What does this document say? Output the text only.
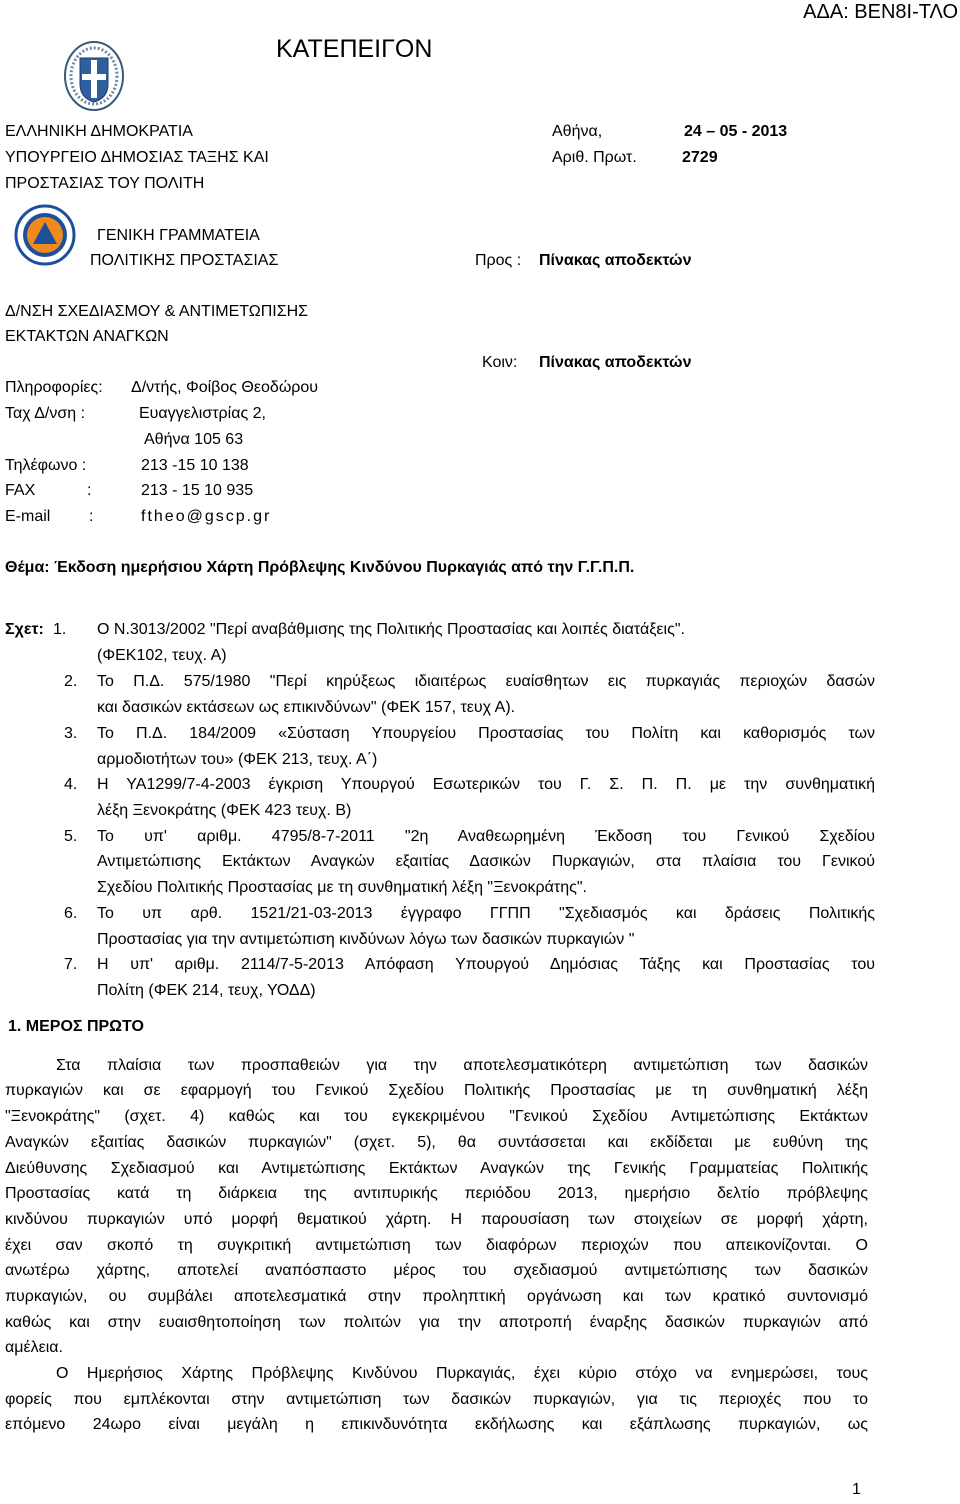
ΑΔΑ: ΒΕΝ8Ι-ΤΛΟ
ΚΑΤΕΠΕΙΓΟΝ
ΕΛΛΗΝΙΚΗ ΔΗΜΟΚΡΑΤΙΑ
ΥΠΟΥΡΓΕΙΟ ΔΗΜΟΣΙΑΣ ΤΑΞΗΣ ΚΑΙ
ΠΡΟΣΤΑΣΙΑΣ ΤΟΥ ΠΟΛΙΤΗ
ΓΕΝΙΚΗ ΓΡΑΜΜΑΤΕΙΑ
ΠΟΛΙΤΙΚΗΣ ΠΡΟΣΤΑΣΙΑΣ
Δ/ΝΣΗ ΣΧΕΔΙΑΣΜΟΥ & ΑΝΤΙΜΕΤΩΠΙΣΗΣ
ΕΚΤΑΚΤΩΝ ΑΝΑΓΚΩΝ
Αθήνα,	24 – 05 - 2013
Αριθ. Πρωτ.	2729
Προς : Πίνακας αποδεκτών
Κοιν: Πίνακας αποδεκτών
Πληροφορίες: Δ/ντής, Φοίβος Θεοδώρου
Ταχ Δ/νση :	Ευαγγελιστρίας 2,
Αθήνα 105 63
Τηλέφωνο :	213 -15 10 138
FAX	:	213 - 15 10 935
E-mail :	ftheo@gscp.gr
Θέμα: Έκδοση ημερήσιου Χάρτη Πρόβλεψης Κινδύνου Πυρκαγιάς από την Γ.Γ.Π.Π.
Σχετ: 1. Ο Ν.3013/2002 "Περί αναβάθμισης της Πολιτικής Προστασίας και λοιπές διατάξεις".
(ΦΕΚ102, τευχ. Α)
2. Το Π.Δ. 575/1980 "Περί κηρύξεως ιδιαιτέρως ευαίσθητων εις πυρκαγιάς περιοχών δασών
και δασικών εκτάσεων ως επικινδύνων" (ΦΕΚ 157, τευχ Α).
3. Το Π.Δ. 184/2009 «Σύσταση Υπουργείου Προστασίας του Πολίτη και καθορισμός των
αρμοδιοτήτων του» (ΦΕΚ 213, τευχ. Α΄)
4. Η ΥΑ1299/7-4-2003 έγκριση Υπουργού Εσωτερικών του Γ. Σ. Π. Π. με την συνθηματική
λέξη Ξενοκράτης (ΦΕΚ 423 τευχ. Β)
5. Το υπ' αριθμ. 4795/8-7-2011 "2η Αναθεωρημένη Έκδοση του Γενικού Σχεδίου
Αντιμετώπισης Εκτάκτων Αναγκών εξαιτίας Δασικών Πυρκαγιών, στα πλαίσια του Γενικού
Σχεδίου Πολιτικής Προστασίας με τη συνθηματική λέξη "Ξενοκράτης".
6. Το υπ αρθ. 1521/21-03-2013 έγγραφο ΓΓΠΠ "Σχεδιασμός και δράσεις Πολιτικής
Προστασίας για την αντιμετώπιση κινδύνων λόγω των δασικών πυρκαγιών "
7. Η υπ' αριθμ. 2114/7-5-2013 Απόφαση Υπουργού Δημόσιας Τάξης και Προστασίας του
Πολίτη (ΦΕΚ 214, τευχ, ΥΟΔΔ)
1. ΜΕΡΟΣ ΠΡΩΤΟ
Στα πλαίσια των προσπαθειών για την αποτελεσματικότερη αντιμετώπιση των δασικών
πυρκαγιών και σε εφαρμογή του Γενικού Σχεδίου Πολιτικής Προστασίας με τη συνθηματική λέξη
"Ξενοκράτης" (σχετ. 4) καθώς και του εγκεκριμένου "Γενικού Σχεδίου Αντιμετώπισης Εκτάκτων
Αναγκών εξαιτίας δασικών πυρκαγιών" (σχετ. 5), θα συντάσσεται και εκδίδεται με ευθύνη της
Διεύθυνσης Σχεδιασμού και Αντιμετώπισης Εκτάκτων Αναγκών της Γενικής Γραμματείας Πολιτικής
Προστασίας κατά τη διάρκεια της αντιπυρικής περιόδου 2013, ημερήσιο δελτίο πρόβλεψης
κινδύνου πυρκαγιών υπό μορφή θεματικού χάρτη. Η παρουσίαση των στοιχείων σε μορφή χάρτη,
έχει σαν σκοπό τη συγκριτική αντιμετώπιση των διαφόρων περιοχών που απεικονίζονται. Ο
ανωτέρω χάρτης, αποτελεί αναπόσπαστο μέρος του σχεδιασμού αντιμετώπισης των δασικών
πυρκαγιών, ου συμβάλει αποτελεσματικά στην προληπτική οργάνωση και των κρατικό συντονισμό
καθώς και στην ευαισθητοποίηση των πολιτών για την αποτροπή έναρξης δασικών πυρκαγιών από
αμέλεια.
Ο Ημερήσιος Χάρτης Πρόβλεψης Κινδύνου Πυρκαγιάς, έχει κύριο στόχο να ενημερώσει, τους
φορείς που εμπλέκονται στην αντιμετώπιση των δασικών πυρκαγιών, για τις περιοχές που το
επόμενο 24ωρο είναι μεγάλη η επικινδυνότητα εκδήλωσης και εξάπλωσης πυρκαγιών, ως
1
